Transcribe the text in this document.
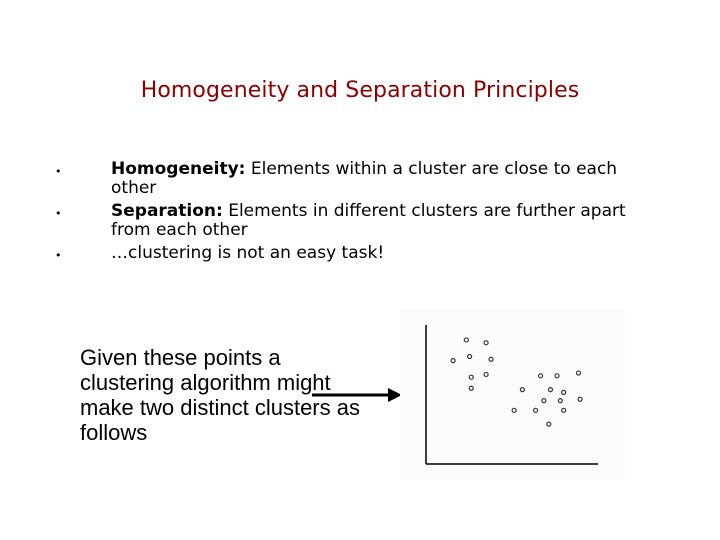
Homogeneity and Separation Principles
•	Homogeneity: Elements within a cluster are close to each other
•	Separation: Elements in different clusters are further apart from each other
•	…clustering is not an easy task!
Given these points a clustering algorithm might make two distinct clusters as follows
